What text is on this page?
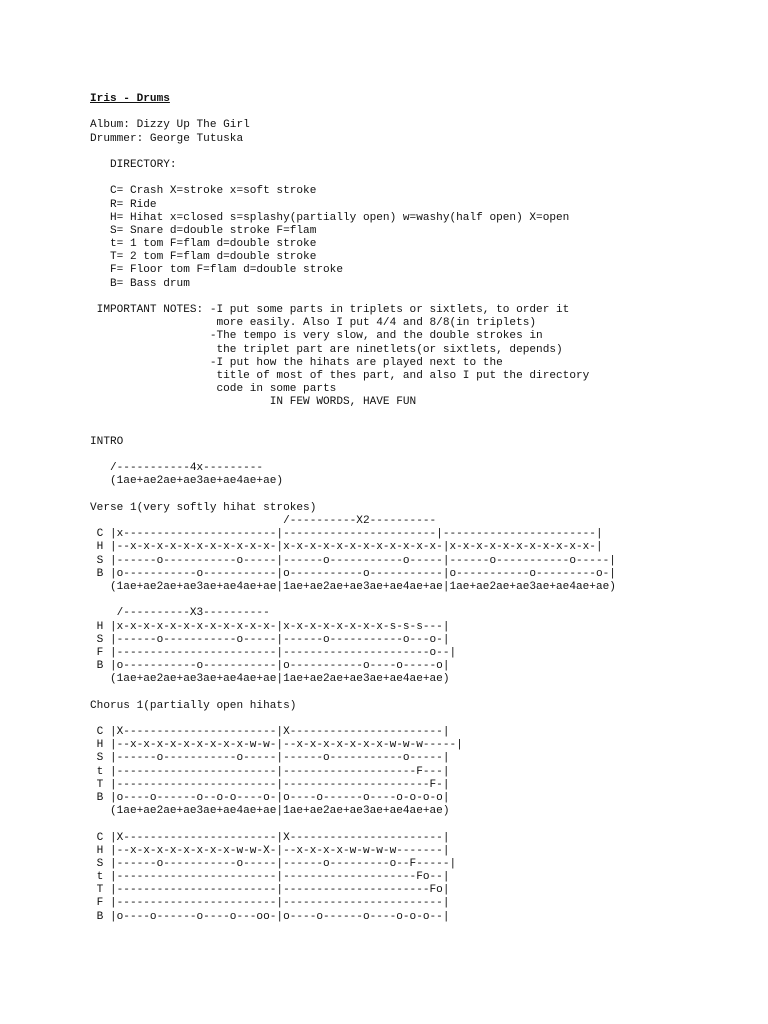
Iris - Drums
Album: Dizzy Up The Girl
Drummer: George Tutuska
DIRECTORY:
C= Crash X=stroke x=soft stroke
R= Ride
H= Hihat x=closed s=splashy(partially open) w=washy(half open) X=open
S= Snare d=double stroke F=flam
t= 1 tom F=flam d=double stroke
T= 2 tom F=flam d=double stroke
F= Floor tom F=flam d=double stroke
B= Bass drum
IMPORTANT NOTES: -I put some parts in triplets or sixtlets, to order it
more easily. Also I put 4/4 and 8/8(in triplets)
-The tempo is very slow, and the double strokes in
the triplet part are ninetlets(or sixtlets, depends)
-I put how the hihats are played next to the
title of most of thes part, and also I put the directory
code in some parts
IN FEW WORDS, HAVE FUN
INTRO
/-----------4x---------
(1ae+ae2ae+ae3ae+ae4ae+ae)
Verse 1(very softly hihat strokes)
/----------X2----------
C |x-----------------------|-----------------------|-----------------------|
H |--x-x-x-x-x-x-x-x-x-x-x-|x-x-x-x-x-x-x-x-x-x-x-x-|x-x-x-x-x-x-x-x-x-x-x-|
S |------o-----------o-----|------o-----------o-----|------o-----------o-----|
B |o-----------o-----------|o-----------o-----------|o-----------o---------o-|
(1ae+ae2ae+ae3ae+ae4ae+ae|1ae+ae2ae+ae3ae+ae4ae+ae|1ae+ae2ae+ae3ae+ae4ae+ae)
/----------X3----------
H |x-x-x-x-x-x-x-x-x-x-x-x-|x-x-x-x-x-x-x-x-s-s-s---|
S |------o-----------o-----|------o-----------o---o-|
F |------------------------|----------------------o--|
B |o-----------o-----------|o-----------o----o-----o|
(1ae+ae2ae+ae3ae+ae4ae+ae|1ae+ae2ae+ae3ae+ae4ae+ae)
Chorus 1(partially open hihats)
C |X-----------------------|X-----------------------|
H |--x-x-x-x-x-x-x-x-x-w-w-|--x-x-x-x-x-x-x-w-w-w-----|
S |------o-----------o-----|------o-----------o-----|
t |------------------------|--------------------F---|
T |------------------------|----------------------F-|
B |o----o------o--o-o----o-|o----o------o----o-o-o-o|
(1ae+ae2ae+ae3ae+ae4ae+ae|1ae+ae2ae+ae3ae+ae4ae+ae)
C |X-----------------------|X-----------------------|
H |--x-x-x-x-x-x-x-x-w-w-X-|--x-x-x-x-w-w-w-w-------|
S |------o-----------o-----|------o---------o--F-----|
t |------------------------|--------------------Fo--|
T |------------------------|----------------------Fo|
F |------------------------|------------------------|
B |o----o------o----o---oo-|o----o------o----o-o-o--|
